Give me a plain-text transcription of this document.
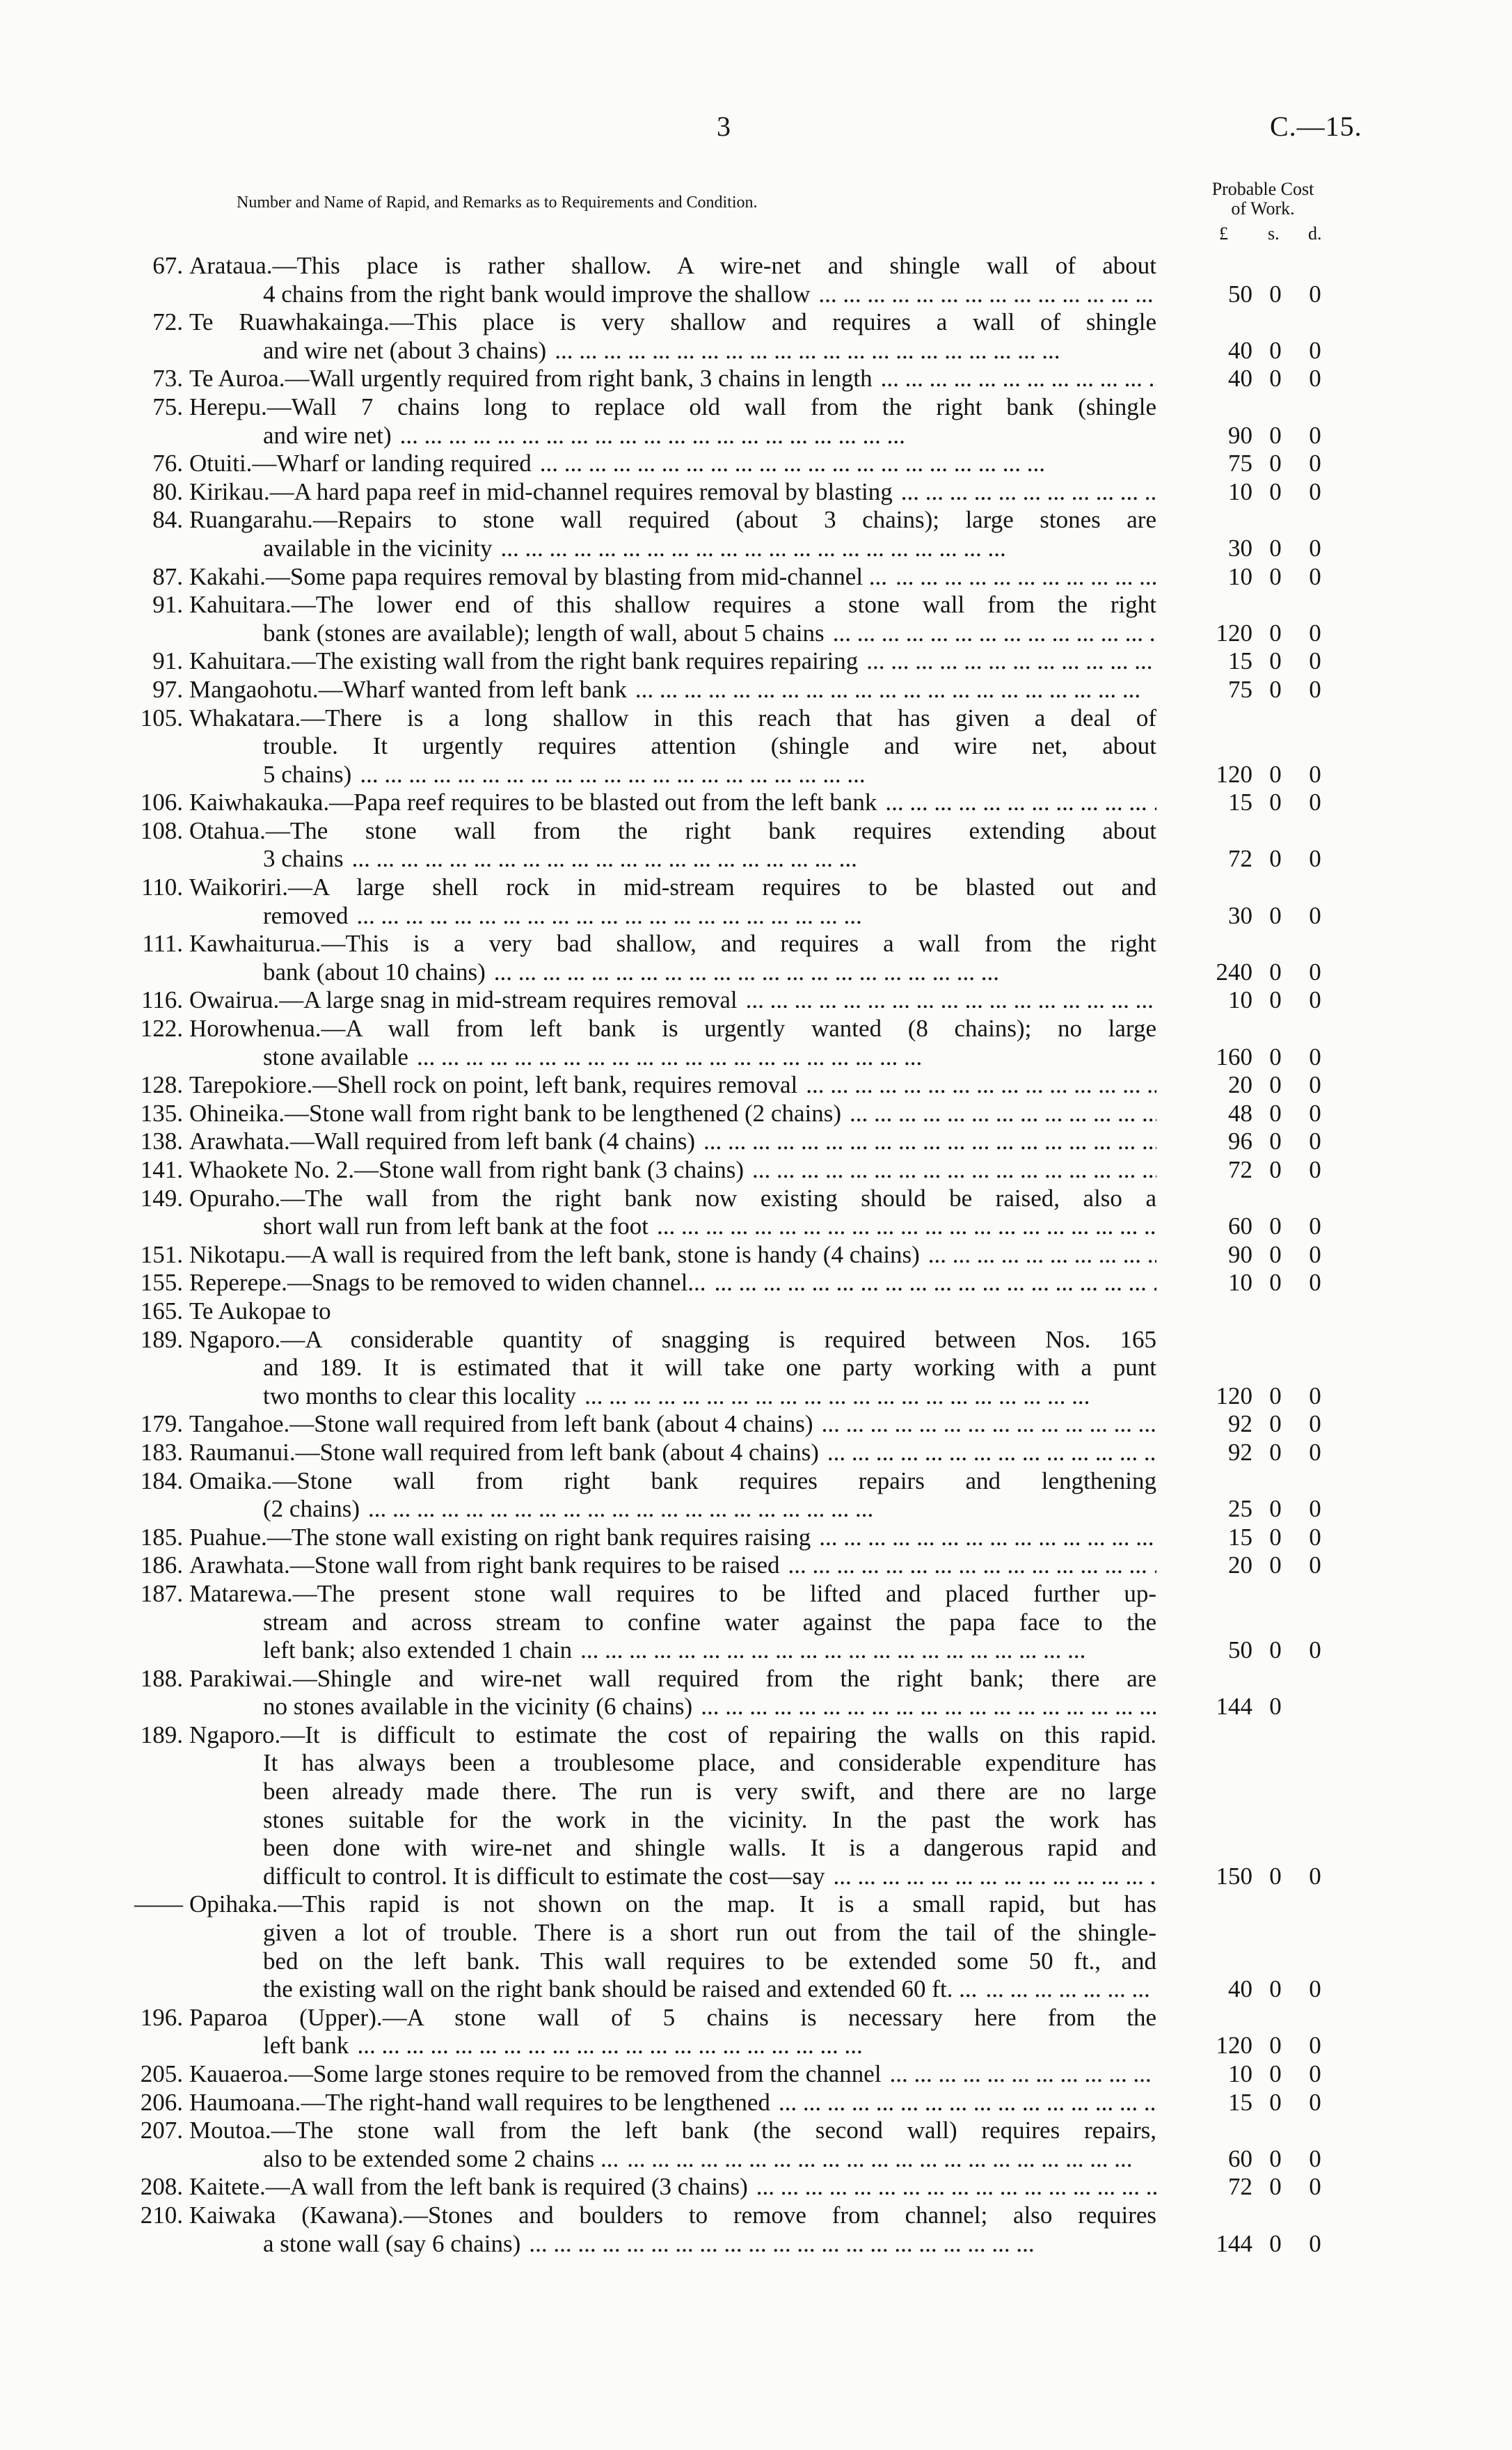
3	C.—15.
Number and Name of Rapid, and Remarks as to Requirements and Condition.
Probable Cost
of Work.
£ s. d.
67. Arataua.—This place is rather shallow. A wire-net and shingle wall of about
4 chains from the right bank would improve the shallow ...	50 0 0
72. Te Ruawhakainga.—This place is very shallow and requires a wall of shingle
and wire net (about 3 chains) ...	40 0 0
73. Te Auroa.—Wall urgently required from right bank, 3 chains in length ...	40 0 0
75. Herepu.—Wall 7 chains long to replace old wall from the right bank (shingle
and wire net) ...	90 0 0
76. Otuiti.—Wharf or landing required ...	75 0 0
80. Kirikau.—A hard papa reef in mid-channel requires removal by blasting ...	10 0 0
84. Ruangarahu.—Repairs to stone wall required (about 3 chains); large stones are
available in the vicinity ...	30 0 0
87. Kakahi.—Some papa requires removal by blasting from mid-channel ... ...	10 0 0
91. Kahuitara.—The lower end of this shallow requires a stone wall from the right
bank (stones are available); length of wall, about 5 chains ...	120 0 0
91. Kahuitara.—The existing wall from the right bank requires repairing ...	15 0 0
97. Mangaohotu.—Wharf wanted from left bank ...	75 0 0
105. Whakatara.—There is a long shallow in this reach that has given a deal of
trouble. It urgently requires attention (shingle and wire net, about
5 chains) ...	120 0 0
106. Kaiwhakauka.—Papa reef requires to be blasted out from the left bank ...	15 0 0
108. Otahua.—The stone wall from the right bank requires extending about
3 chains ...	72 0 0
110. Waikoriri.—A large shell rock in mid-stream requires to be blasted out and
removed ...	30 0 0
111. Kawhaiturua.—This is a very bad shallow, and requires a wall from the right
bank (about 10 chains) ...	240 0 0
116. Owairua.—A large snag in mid-stream requires removal ...	10 0 0
122. Horowhenua.—A wall from left bank is urgently wanted (8 chains); no large
stone available ...	160 0 0
128. Tarepokiore.—Shell rock on point, left bank, requires removal ...	20 0 0
135. Ohineika.—Stone wall from right bank to be lengthened (2 chains) ...	48 0 0
138. Arawhata.—Wall required from left bank (4 chains) ...	96 0 0
141. Whaokete No. 2.—Stone wall from right bank (3 chains) ...	72 0 0
149. Opuraho.—The wall from the right bank now existing should be raised, also a
short wall run from left bank at the foot ...	60 0 0
151. Nikotapu.—A wall is required from the left bank, stone is handy (4 chains) ...	90 0 0
155. Reperepe.—Snags to be removed to widen channel... ...	10 0 0
165. Te Aukopae to
189. Ngaporo.—A considerable quantity of snagging is required between Nos. 165
and 189. It is estimated that it will take one party working with a punt
two months to clear this locality ...	120 0 0
179. Tangahoe.—Stone wall required from left bank (about 4 chains) ...	92 0 0
183. Raumanui.—Stone wall required from left bank (about 4 chains) ...	92 0 0
184. Omaika.—Stone wall from right bank requires repairs and lengthening
(2 chains) ...	25 0 0
185. Puahue.—The stone wall existing on right bank requires raising ...	15 0 0
186. Arawhata.—Stone wall from right bank requires to be raised ...	20 0 0
187. Matarewa.—The present stone wall requires to be lifted and placed further up-
stream and across stream to confine water against the papa face to the
left bank; also extended 1 chain ...	50 0 0
188. Parakiwai.—Shingle and wire-net wall required from the right bank; there are
no stones available in the vicinity (6 chains) ...	144 0
189. Ngaporo.—It is difficult to estimate the cost of repairing the walls on this rapid.
It has always been a troublesome place, and considerable expenditure has
been already made there. The run is very swift, and there are no large
stones suitable for the work in the vicinity. In the past the work has
been done with wire-net and shingle walls. It is a dangerous rapid and
difficult to control. It is difficult to estimate the cost—say ...	150 0 0
—— Opihaka.—This rapid is not shown on the map. It is a small rapid, but has
given a lot of trouble. There is a short run out from the tail of the shingle-
bed on the left bank. This wall requires to be extended some 50 ft., and
the existing wall on the right bank should be raised and extended 60 ft. ... ...	40 0 0
196. Paparoa (Upper).—A stone wall of 5 chains is necessary here from the
left bank ...	120 0 0
205. Kauaeroa.—Some large stones require to be removed from the channel ...	10 0 0
206. Haumoana.—The right-hand wall requires to be lengthened ...	15 0 0
207. Moutoa.—The stone wall from the left bank (the second wall) requires repairs,
also to be extended some 2 chains ... ...	60 0 0
208. Kaitete.—A wall from the left bank is required (3 chains) ...	72 0 0
210. Kaiwaka (Kawana).—Stones and boulders to remove from channel; also requires
a stone wall (say 6 chains) ...	144 0 0
